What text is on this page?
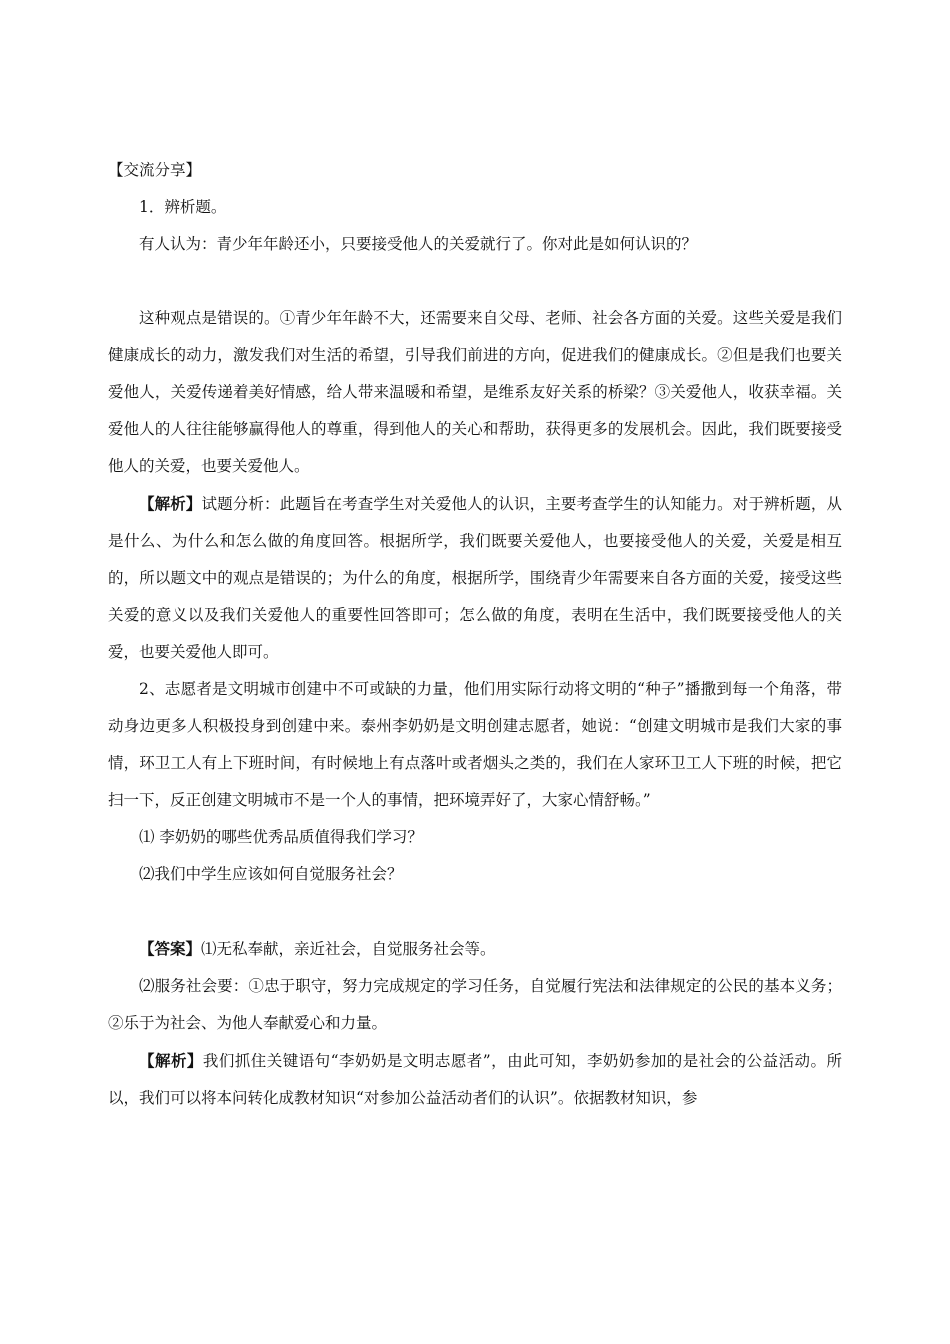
【交流分享】

1．辨析题。

有人认为：青少年年龄还小，只要接受他人的关爱就行了。你对此是如何认识的？

这种观点是错误的。①青少年年龄不大，还需要来自父母、老师、社会各方面的关爱。这些关爱是我们健康成长的动力，激发我们对生活的希望，引导我们前进的方向，促进我们的健康成长。②但是我们也要关爱他人，关爱传递着美好情感，给人带来温暖和希望，是维系友好关系的桥梁？③关爱他人，收获幸福。关爱他人的人往往能够赢得他人的尊重，得到他人的关心和帮助，获得更多的发展机会。因此，我们既要接受他人的关爱，也要关爱他人。

【解析】试题分析：此题旨在考查学生对关爱他人的认识，主要考查学生的认知能力。对于辨析题，从是什么、为什么和怎么做的角度回答。根据所学，我们既要关爱他人，也要接受他人的关爱，关爱是相互的，所以题文中的观点是错误的；为什么的角度，根据所学，围绕青少年需要来自各方面的关爱，接受这些关爱的意义以及我们关爱他人的重要性回答即可；怎么做的角度，表明在生活中，我们既要接受他人的关爱，也要关爱他人即可。

2、志愿者是文明城市创建中不可或缺的力量，他们用实际行动将文明的“种子”播撒到每一个角落，带动身边更多人积极投身到创建中来。泰州李奶奶是文明创建志愿者，她说：“创建文明城市是我们大家的事情，环卫工人有上下班时间，有时候地上有点落叶或者烟头之类的，我们在人家环卫工人下班的时候，把它扫一下，反正创建文明城市不是一个人的事情，把环境弄好了，大家心情舒畅。”

⑴ 李奶奶的哪些优秀品质值得我们学习？

⑵我们中学生应该如何自觉服务社会？

【答案】⑴无私奉献，亲近社会，自觉服务社会等。

⑵服务社会要：①忠于职守，努力完成规定的学习任务，自觉履行宪法和法律规定的公民的基本义务；②乐于为社会、为他人奉献爱心和力量。

【解析】我们抓住关键语句“李奶奶是文明志愿者”，由此可知，李奶奶参加的是社会的公益活动。所以，我们可以将本问转化成教材知识“对参加公益活动者们的认识”。依据教材知识，参
